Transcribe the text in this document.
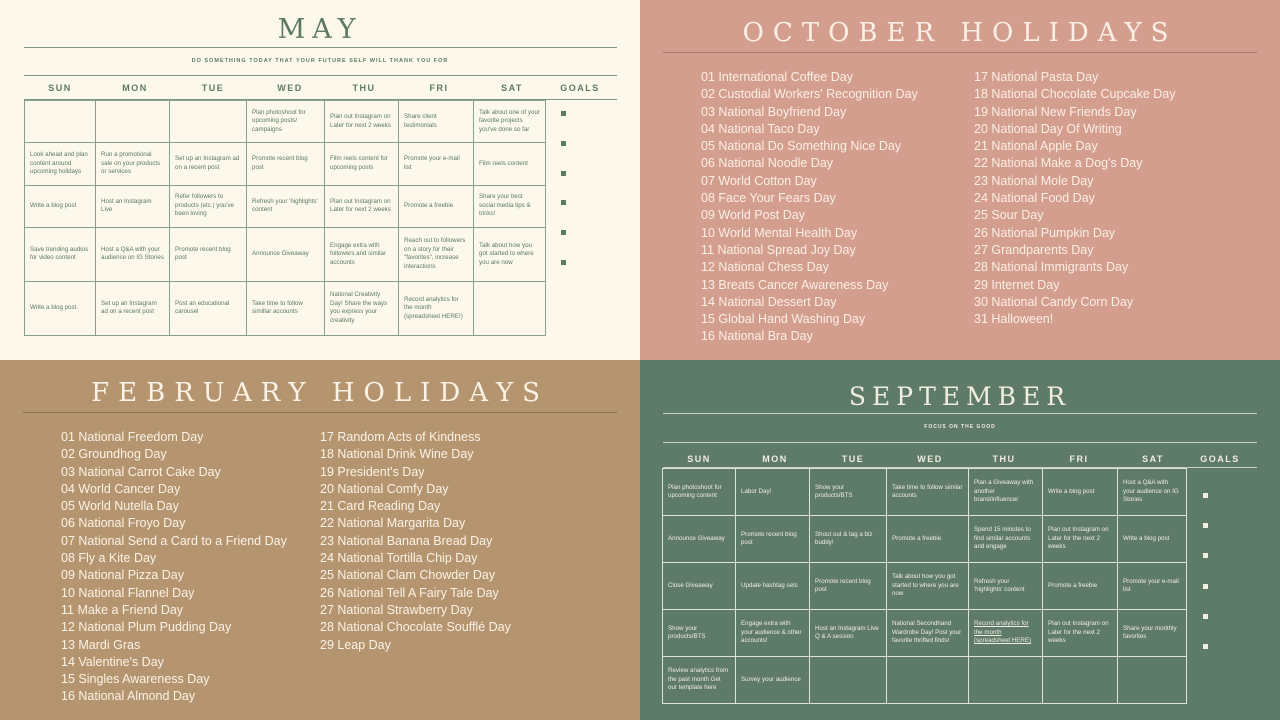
MAY
DO SOMETHING TODAY THAT YOUR FUTURE SELF WILL THANK YOU FOR
SUN	MON	TUE	WED	THU	FRI	SAT	GOALS
			Plan photoshoot for upcoming posts/ campaigns	Plan out Instagram on Later for next 2 weeks	Share client testimonials	Talk about one of your favorite projects you've done so far
Look ahead and plan content around upcoming holidays	Run a promotional sale on your products or services	Set up an Instagram ad on a recent post	Promote recent blog post	Film reels content for upcoming posts	Promote your e-mail list	Film reels content
Write a blog post	Host an Instagram Live	Refer followers to products (etc.) you've been loving	Refresh your 'highlights' content	Plan out Instagram on Later for next 2 weeks	Promote a freebie	Share your best social media tips & tricks!
Save trending audios for video content	Host a Q&A with your audience on IG Stories	Promote recent blog post	Announce Giveaway	Engage extra with followers and similar accounts	Reach out to followers on a story for their "favorites", increase interactions	Talk about how you got started to where you are now
Write a blog post.	Set up an Instagram ad on a recent post	Post an educational carousel	Take time to follow simillar accounts	National Creativity Day! Share the ways you express your creativity	Record analytics for the month (spreadsheet HERE!)	
OCTOBER HOLIDAYS
01 International Coffee Day
02 Custodial Workers' Recognition Day
03 National Boyfriend Day
04 National Taco Day
05 National Do Something Nice Day
06 National Noodle Day
07 World Cotton Day
08 Face Your Fears Day
09 World Post Day
10 World Mental Health Day
11 National Spread Joy Day
12 National Chess Day
13 Breats Cancer Awareness Day
14 National Dessert Day
15 Global Hand Washing Day
16 National Bra Day
17 National Pasta Day
18 National Chocolate Cupcake Day
19 National New Friends Day
20 National Day Of Writing
21 National Apple Day
22 National Make a Dog's Day
23 National Mole Day
24 National Food Day
25 Sour Day
26 National Pumpkin Day
27 Grandparents Day
28 National Immigrants Day
29 Internet Day
30 National Candy Corn Day
31 Halloween!
FEBRUARY HOLIDAYS
01 National Freedom Day
02 Groundhog Day
03 National Carrot Cake Day
04 World Cancer Day
05 World Nutella Day
06 National Froyo Day
07 National Send a Card to a Friend Day
08 Fly a Kite Day
09 National Pizza Day
10 National Flannel Day
11 Make a Friend Day
12 National Plum Pudding Day
13 Mardi Gras
14 Valentine's Day
15 Singles Awareness Day
16 National Almond Day
17 Random Acts of Kindness
18 National Drink Wine Day
19 President's Day
20 National Comfy Day
21 Card Reading Day
22 National Margarita Day
23 National Banana Bread Day
24 National Tortilla Chip Day
25 National Clam Chowder Day
26 National Tell A Fairy Tale Day
27 National Strawberry Day
28 National Chocolate Soufflé Day
29 Leap Day
SEPTEMBER
FOCUS ON THE GOOD
SUN	MON	TUE	WED	THU	FRI	SAT	GOALS
Plan photoshoot for upcoming content	Labor Day!	Show your products/BTS	Take time to follow similar accounts	Plan a Giveaway with another brand/influencer	Write a blog post	Host a Q&A with your audience on IG Stories
Announce Giveaway	Promote recent blog post	Shout out & tag a biz buddy!	Promote a freebie	Spend 15 minutes to find similar accounts and engage	Plan out Instagram on Later for the next 2 weeks	Write a blog post
Close Giveaway	Update hashtag sets	Promote recent blog post	Talk about how you got started to where you are now	Refresh your 'highlights' content	Promote a freebie	Promote your e-mail list
Show your products/BTS	Engage extra with your audience & other accounts!	Host an Instagram Live Q & A session	National Secondhand Wardrobe Day! Post your favorite thrifted finds!	Record analytics for the month (spreadsheet HERE)	Plan out Instagram on Later for the next 2 weeks	Share your monthly favorites
Review analytics from the past month Get our template here	Survey your audience					
